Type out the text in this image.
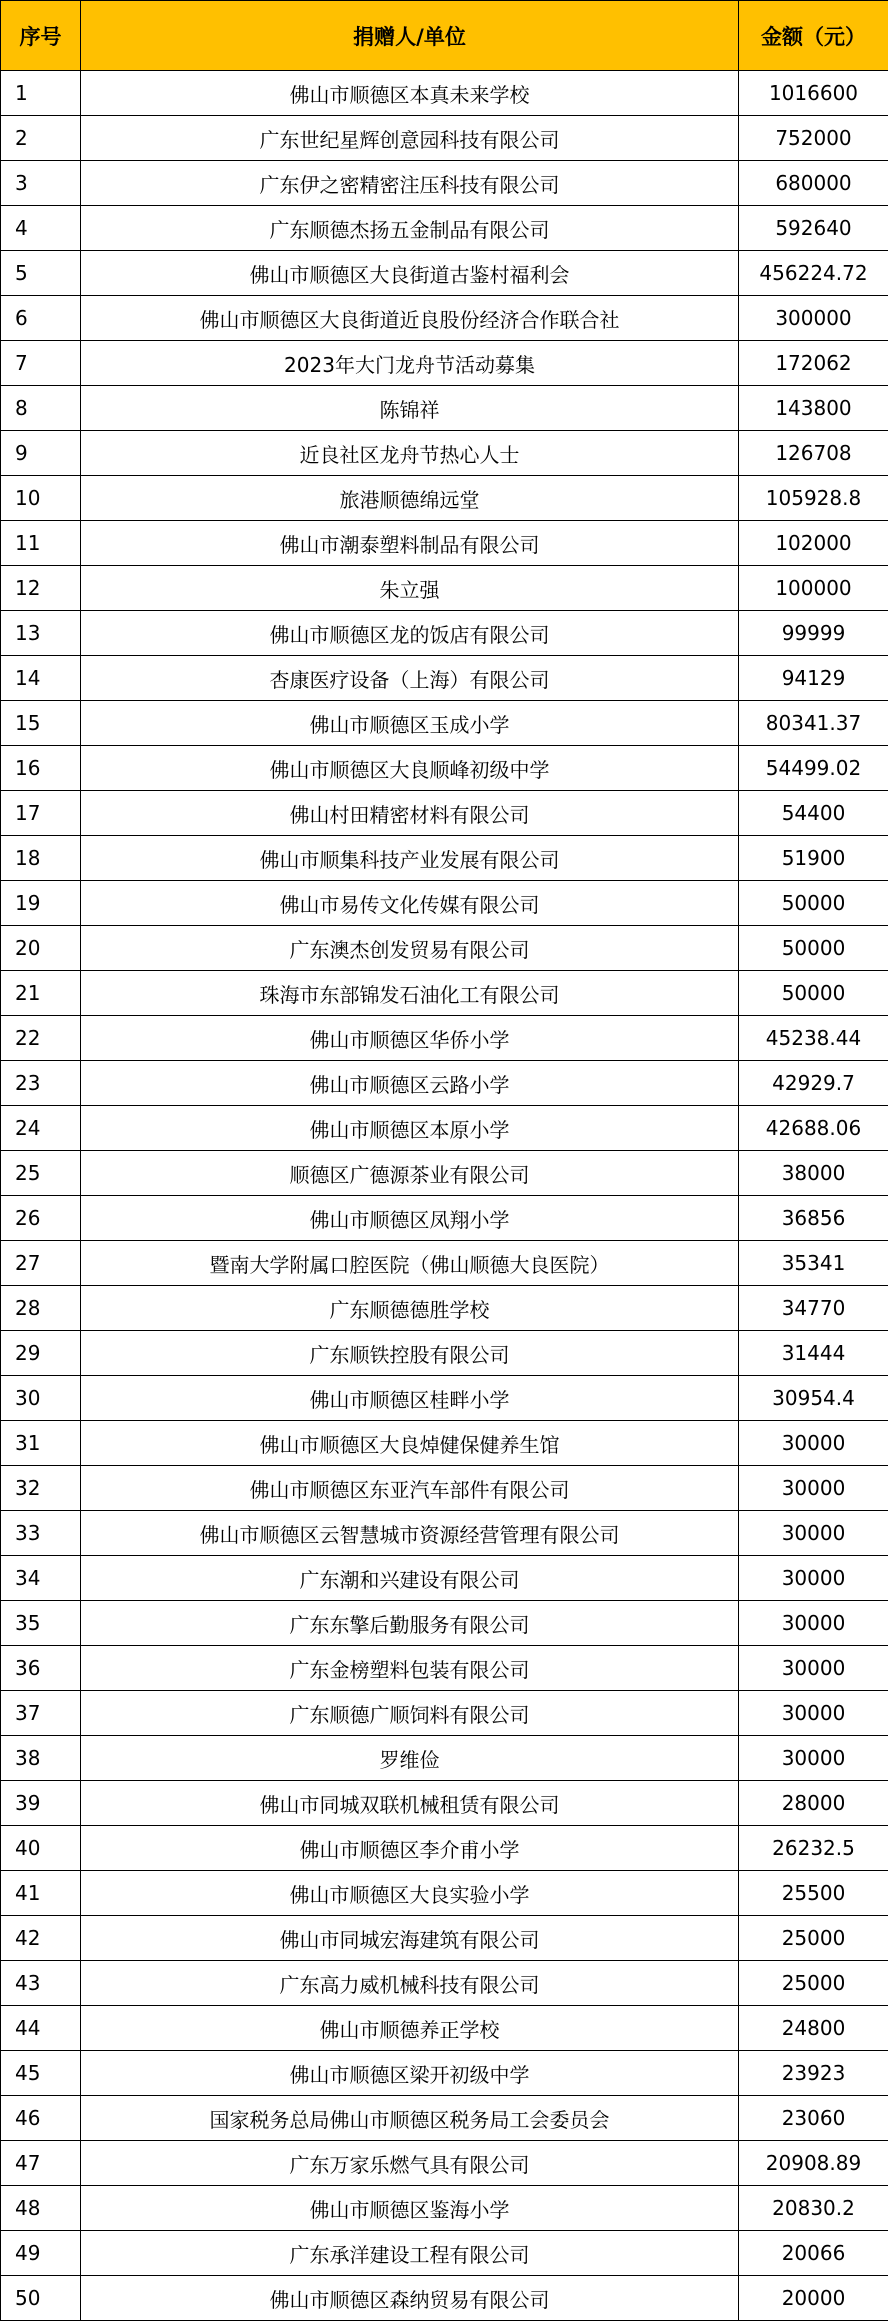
序号	捐赠人/单位	金额（元）
1	佛山市顺德区本真未来学校	1016600
2	广东世纪星辉创意园科技有限公司	752000
3	广东伊之密精密注压科技有限公司	680000
4	广东顺德杰扬五金制品有限公司	592640
5	佛山市顺德区大良街道古鉴村福利会	456224.72
6	佛山市顺德区大良街道近良股份经济合作联合社	300000
7	2023年大门龙舟节活动募集	172062
8	陈锦祥	143800
9	近良社区龙舟节热心人士	126708
10	旅港顺德绵远堂	105928.8
11	佛山市潮泰塑料制品有限公司	102000
12	朱立强	100000
13	佛山市顺德区龙的饭店有限公司	99999
14	杏康医疗设备（上海）有限公司	94129
15	佛山市顺德区玉成小学	80341.37
16	佛山市顺德区大良顺峰初级中学	54499.02
17	佛山村田精密材料有限公司	54400
18	佛山市顺集科技产业发展有限公司	51900
19	佛山市易传文化传媒有限公司	50000
20	广东澳杰创发贸易有限公司	50000
21	珠海市东部锦发石油化工有限公司	50000
22	佛山市顺德区华侨小学	45238.44
23	佛山市顺德区云路小学	42929.7
24	佛山市顺德区本原小学	42688.06
25	顺德区广德源茶业有限公司	38000
26	佛山市顺德区凤翔小学	36856
27	暨南大学附属口腔医院（佛山顺德大良医院）	35341
28	广东顺德德胜学校	34770
29	广东顺铁控股有限公司	31444
30	佛山市顺德区桂畔小学	30954.4
31	佛山市顺德区大良焯健保健养生馆	30000
32	佛山市顺德区东亚汽车部件有限公司	30000
33	佛山市顺德区云智慧城市资源经营管理有限公司	30000
34	广东潮和兴建设有限公司	30000
35	广东东擎后勤服务有限公司	30000
36	广东金榜塑料包装有限公司	30000
37	广东顺德广顺饲料有限公司	30000
38	罗维俭	30000
39	佛山市同城双联机械租赁有限公司	28000
40	佛山市顺德区李介甫小学	26232.5
41	佛山市顺德区大良实验小学	25500
42	佛山市同城宏海建筑有限公司	25000
43	广东高力威机械科技有限公司	25000
44	佛山市顺德养正学校	24800
45	佛山市顺德区梁开初级中学	23923
46	国家税务总局佛山市顺德区税务局工会委员会	23060
47	广东万家乐燃气具有限公司	20908.89
48	佛山市顺德区鉴海小学	20830.2
49	广东承洋建设工程有限公司	20066
50	佛山市顺德区森纳贸易有限公司	20000
